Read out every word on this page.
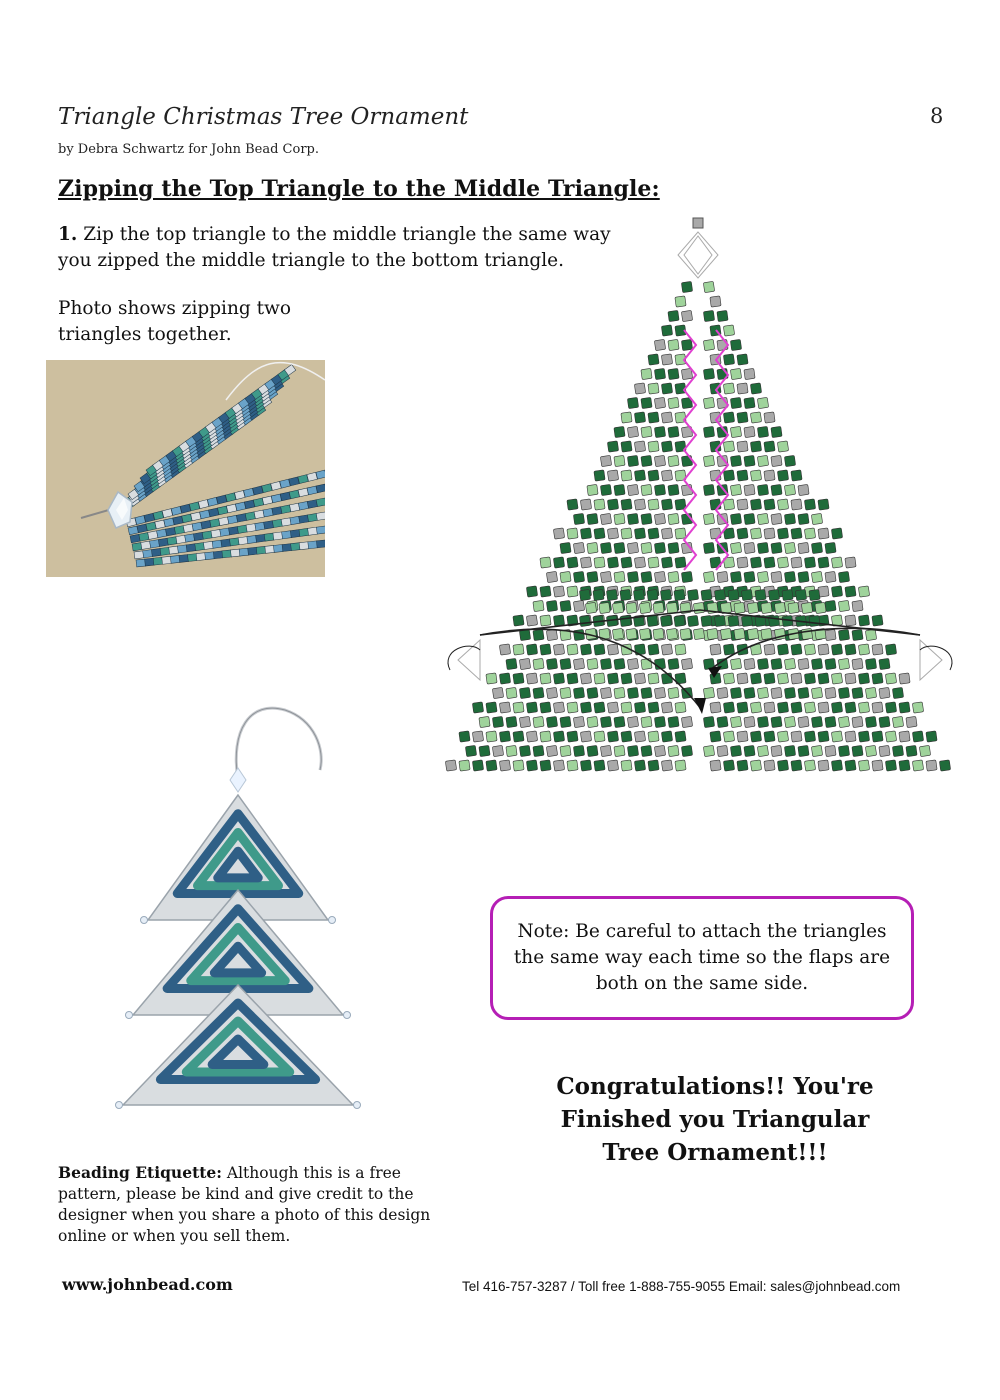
Triangle Christmas Tree Ornament	8
by Debra Schwartz for John Bead Corp.
Zipping the Top Triangle to the Middle Triangle:
1. Zip the top triangle to the middle triangle the same way you zipped the middle triangle to the bottom triangle.
Photo shows zipping two triangles together.
Note: Be careful to attach the triangles the same way each time so the flaps are both on the same side.
Congratulations!! You're
Finished you Triangular
Tree Ornament!!!
Beading Etiquette: Although this is a free pattern, please be kind and give credit to the designer when you share a photo of this design online or when you sell them.
www.johnbead.com	Tel 416-757-3287 / Toll free 1-888-755-9055 Email: sales@johnbead.com
